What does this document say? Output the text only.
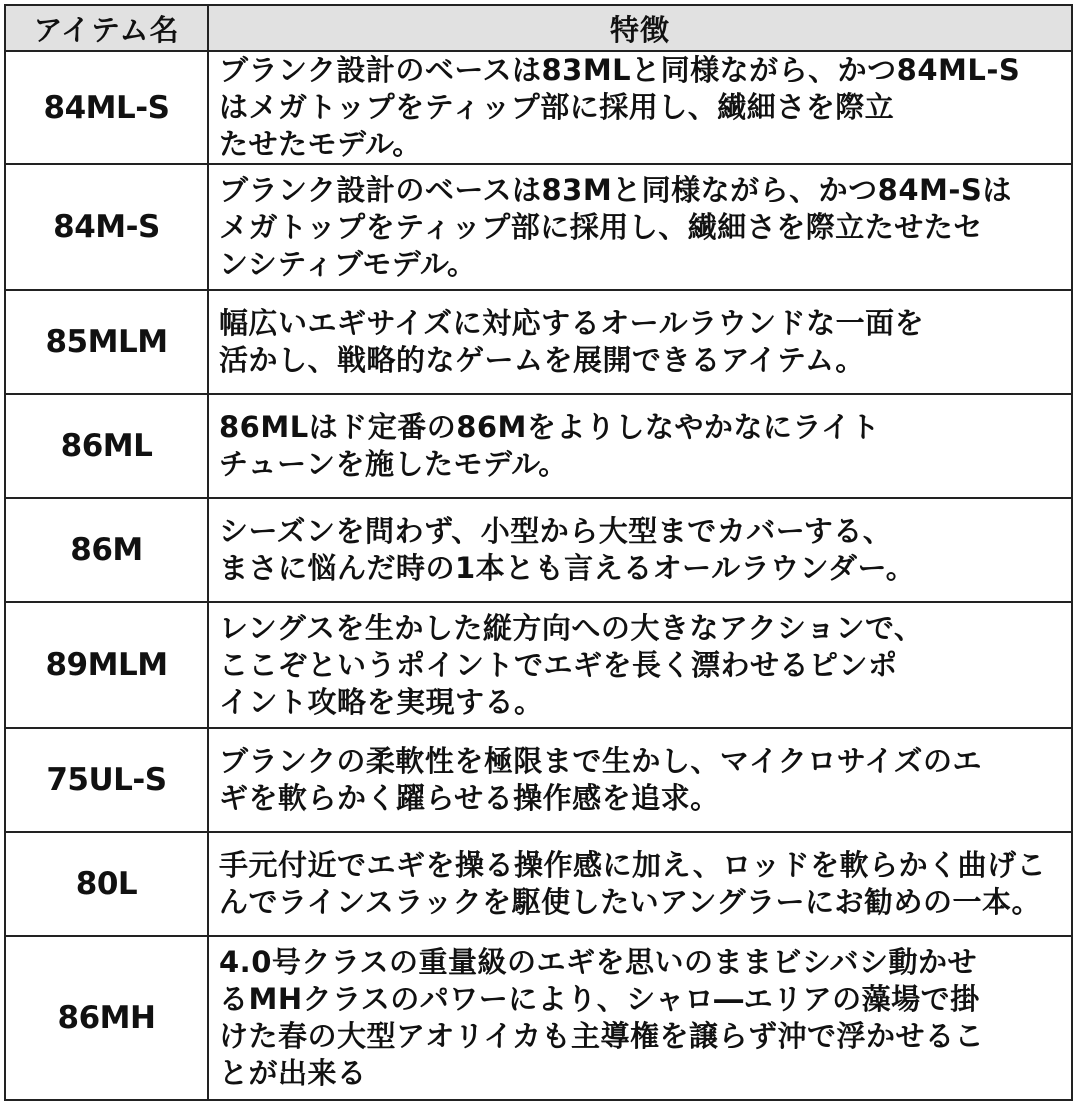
アイテム名	特徴
84ML-S	ブランク設計のベースは83MLと同様ながら、かつ84ML-S
はメガトップをティップ部に採用し、繊細さを際立
たせたモデル。
84M-S	ブランク設計のベースは83Mと同様ながら、かつ84M-Sは
メガトップをティップ部に採用し、繊細さを際立たせたセ
ンシティブモデル。
85MLM	幅広いエギサイズに対応するオールラウンドな一面を
活かし、戦略的なゲームを展開できるアイテム。
86ML	86MLはド定番の86Mをよりしなやかなにライト
チューンを施したモデル。
86M	シーズンを問わず、小型から大型までカバーする、
まさに悩んだ時の1本とも言えるオールラウンダー。
89MLM	レングスを生かした縦方向への大きなアクションで、
ここぞというポイントでエギを長く漂わせるピンポ
イント攻略を実現する。
75UL-S	ブランクの柔軟性を極限まで生かし、マイクロサイズのエ
ギを軟らかく躍らせる操作感を追求。
80L	手元付近でエギを操る操作感に加え、ロッドを軟らかく曲げこ
んでラインスラックを駆使したいアングラーにお勧めの一本。
86MH	4.0号クラスの重量級のエギを思いのままビシバシ動かせ
るMHクラスのパワーにより、シャロ―エリアの藻場で掛
けた春の大型アオリイカも主導権を譲らず沖で浮かせるこ
とが出来る
